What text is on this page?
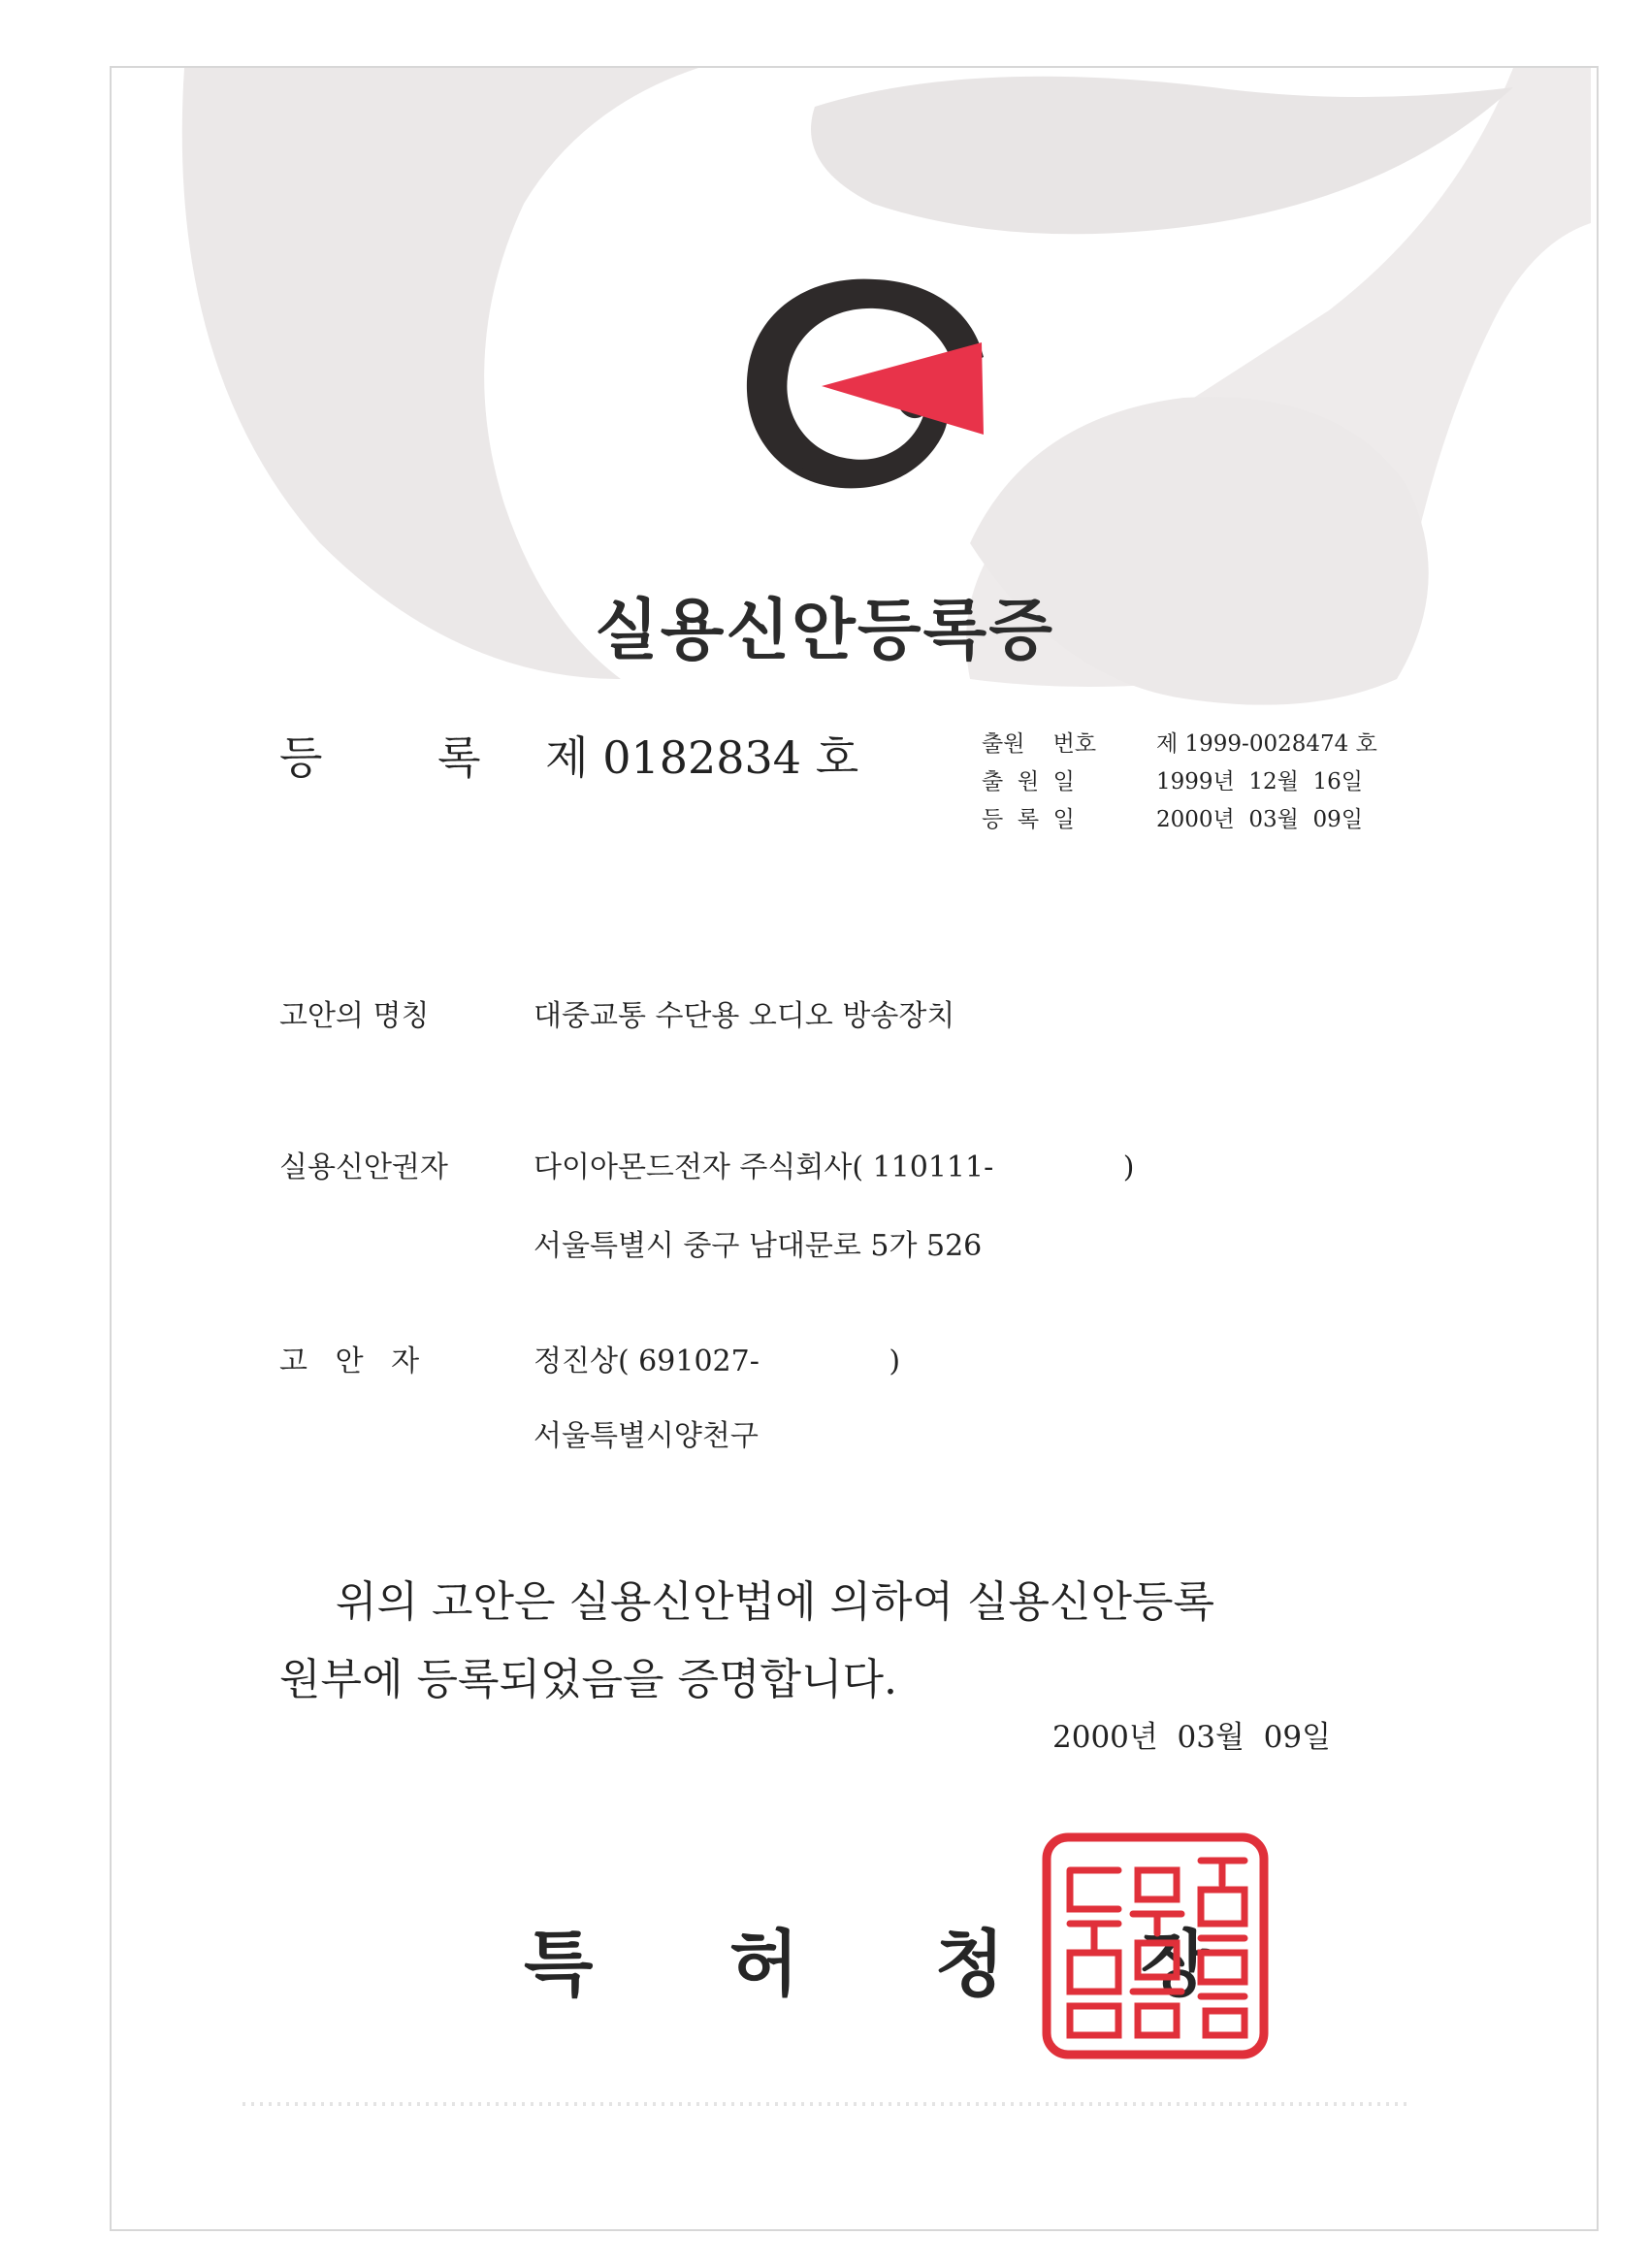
실용신안등록증
등	록 제 0182834 호	출원    번호	제 1999-0028474 호
출  원  일	1999년  12월  16일
등  록  일	2000년  03월  09일
고안의 명칭	대중교통 수단용 오디오 방송장치
실용신안권자	다이아몬드전자 주식회사( 110111-              )
서울특별시 중구 남대문로 5가 526
고   안   자	정진상( 691027-              )
서울특별시양천구
위의 고안은 실용신안법에 의하여 실용신안등록
원부에 등록되었음을 증명합니다.
2000년  03월  09일
특	허	청	장
